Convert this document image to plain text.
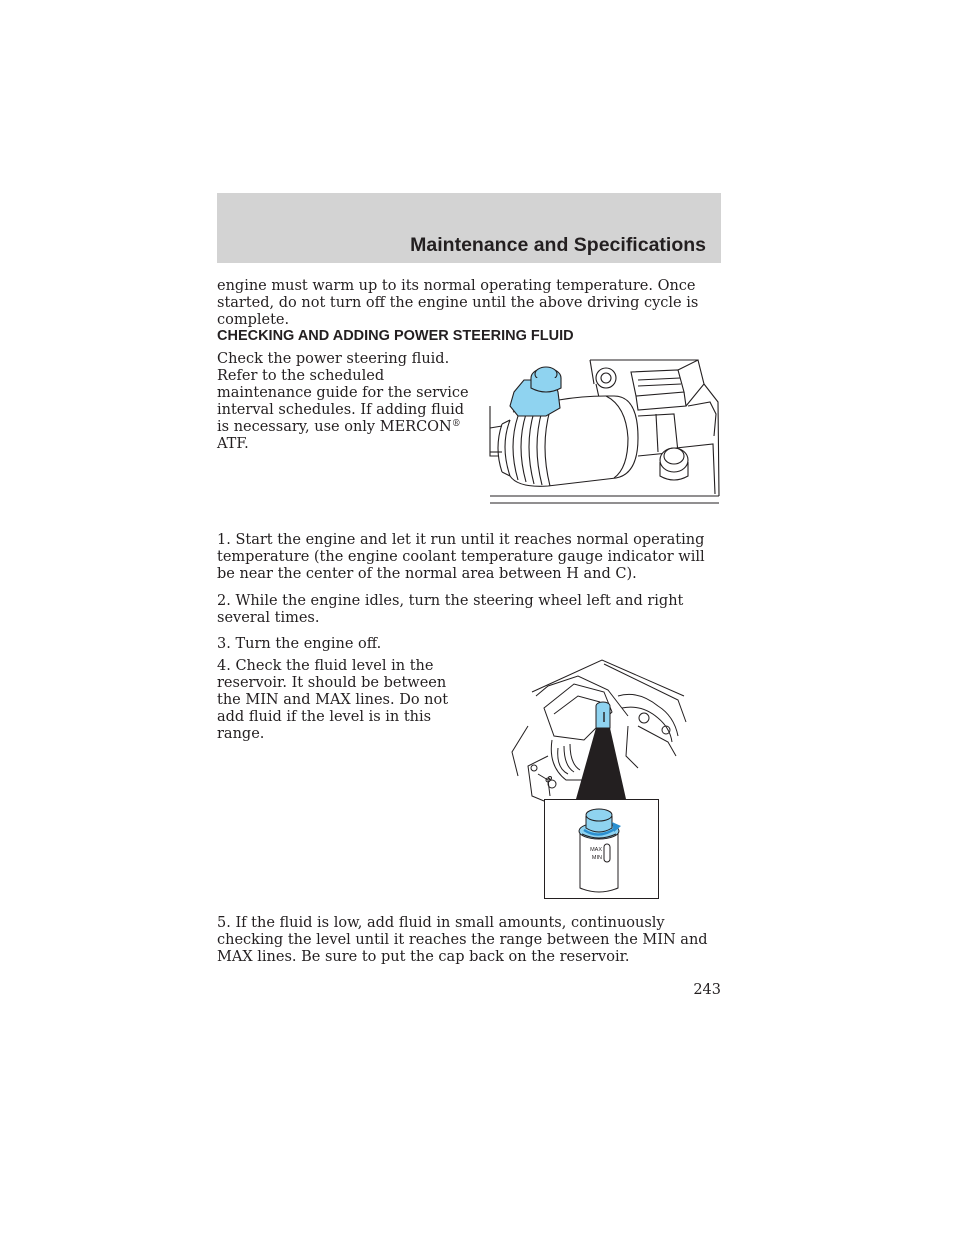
Maintenance and Specifications

engine must warm up to its normal operating temperature. Once started, do not turn off the engine until the above driving cycle is complete.

CHECKING AND ADDING POWER STEERING FLUID

Check the power steering fluid. Refer to the scheduled maintenance guide for the service interval schedules. If adding fluid is necessary, use only MERCON® ATF.

1. Start the engine and let it run until it reaches normal operating temperature (the engine coolant temperature gauge indicator will be near the center of the normal area between H and C).

2. While the engine idles, turn the steering wheel left and right several times.

3. Turn the engine off.

4. Check the fluid level in the reservoir. It should be between the MIN and MAX lines. Do not add fluid if the level is in this range.

MAX
MIN

5. If the fluid is low, add fluid in small amounts, continuously checking the level until it reaches the range between the MIN and MAX lines. Be sure to put the cap back on the reservoir.

243
